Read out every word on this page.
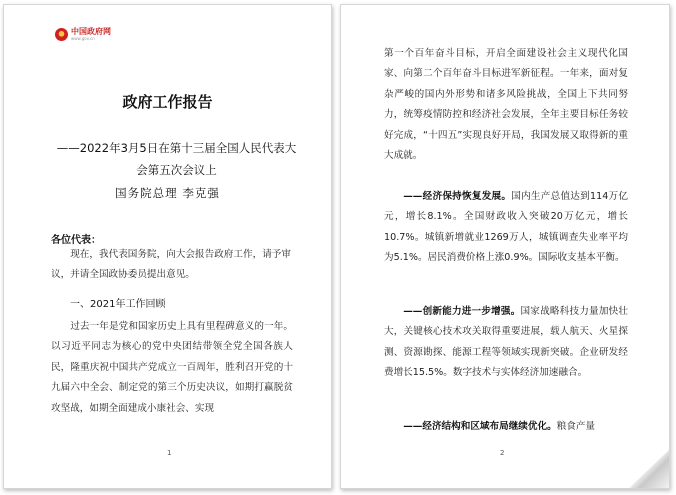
中国政府网
www.gov.cn
政府工作报告
——2022年3月5日在第十三届全国人民代表大会第五次会议上
国务院总理 李克强
各位代表：

现在，我代表国务院，向大会报告政府工作，请予审议，并请全国政协委员提出意见。

一、2021年工作回顾

过去一年是党和国家历史上具有里程碑意义的一年。以习近平同志为核心的党中央团结带领全党全国各族人民，隆重庆祝中国共产党成立一百周年，胜利召开党的十九届六中全会、制定党的第三个历史决议，如期打赢脱贫攻坚战，如期全面建成小康社会、实现

1

第一个百年奋斗目标，开启全面建设社会主义现代化国家、向第二个百年奋斗目标进军新征程。一年来，面对复杂严峻的国内外形势和诸多风险挑战，全国上下共同努力，统筹疫情防控和经济社会发展，全年主要目标任务较好完成，“十四五”实现良好开局，我国发展又取得新的重大成就。

——经济保持恢复发展。国内生产总值达到114万亿元，增长8.1%。全国财政收入突破20万亿元，增长10.7%。城镇新增就业1269万人，城镇调查失业率平均为5.1%。居民消费价格上涨0.9%。国际收支基本平衡。

——创新能力进一步增强。国家战略科技力量加快壮大，关键核心技术攻关取得重要进展，载人航天、火星探测、资源勘探、能源工程等领域实现新突破。企业研发经费增长15.5%。数字技术与实体经济加速融合。

——经济结构和区域布局继续优化。粮食产量

2
